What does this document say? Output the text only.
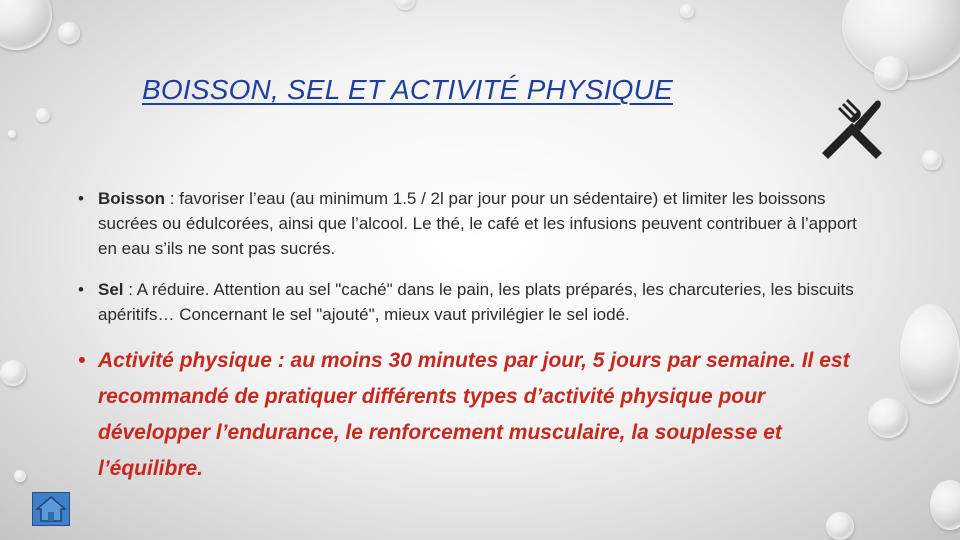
BOISSON, SEL ET ACTIVITÉ PHYSIQUE
• Boisson : favoriser l’eau (au minimum 1.5 / 2l par jour pour un sédentaire) et limiter les boissons sucrées ou édulcorées, ainsi que l’alcool. Le thé, le café et les infusions peuvent contribuer à l’apport en eau s’ils ne sont pas sucrés.
• Sel : A réduire. Attention au sel "caché" dans le pain, les plats préparés, les charcuteries, les biscuits apéritifs… Concernant le sel "ajouté", mieux vaut privilégier le sel iodé.
• Activité physique : au moins 30 minutes par jour, 5 jours par semaine. Il est recommandé de pratiquer différents types d’activité physique pour développer l’endurance, le renforcement musculaire, la souplesse et l’équilibre.
